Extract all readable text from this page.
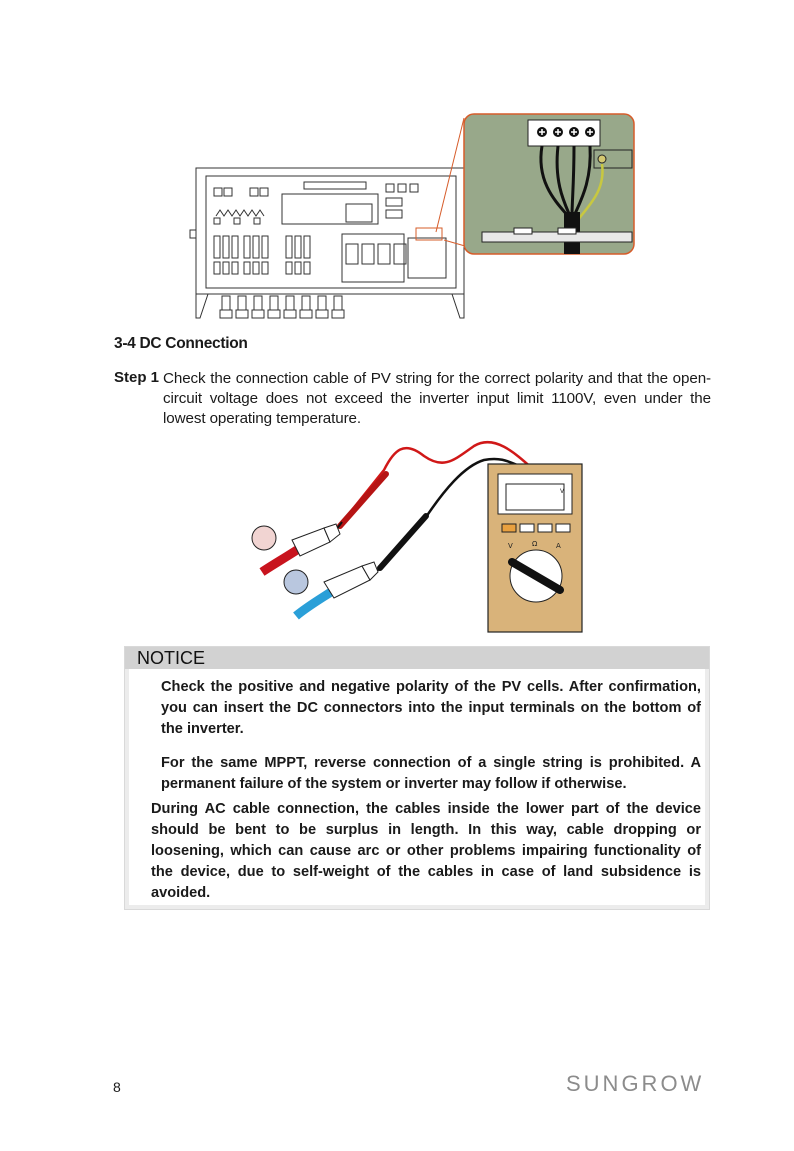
3-4 DC Connection
Step 1 Check the connection cable of PV string for the correct polarity and that the open-circuit voltage does not exceed the inverter input limit 1100V, even under the lowest operating temperature.
V
V	Ω	A
NOTICE
Check the positive and negative polarity of the PV cells. After confirmation, you can insert the DC connectors into the input terminals on the bottom of the inverter.
For the same MPPT, reverse connection of a single string is prohibited. A permanent failure of the system or inverter may follow if otherwise.
During AC cable connection, the cables inside the lower part of the device should be bent to be surplus in length. In this way, cable dropping or loosening, which can cause arc or other problems impairing functionality of the device, due to self-weight of the cables in case of land subsidence is avoided.
8	SUNGROW
